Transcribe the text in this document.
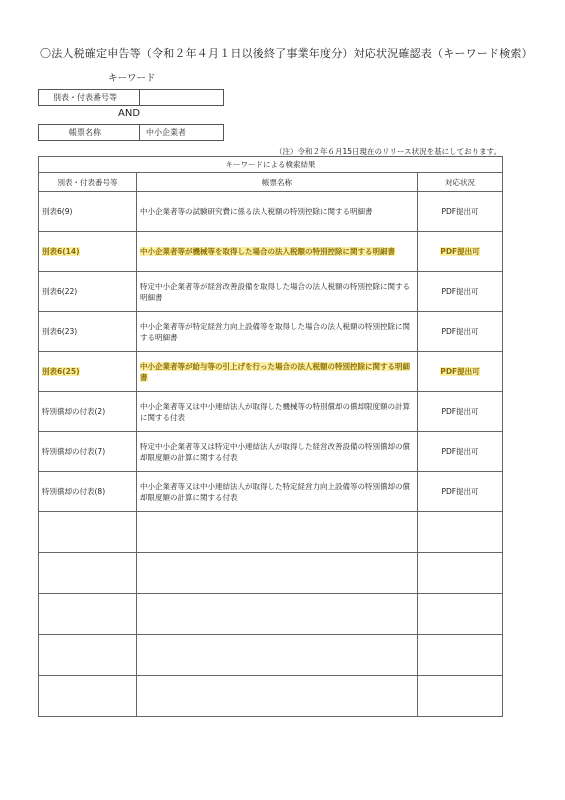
〇法人税確定申告等（令和２年４月１日以後終了事業年度分）対応状況確認表（キーワード検索）
キーワード
別表・付表番号等
AND
帳票名称	中小企業者
（注）令和２年６月15日現在のリリース状況を基にしております。
キーワードによる検索結果		
別表・付表番号等	帳票名称	対応状況
別表6(9)	中小企業者等の試験研究費に係る法人税額の特別控除に関する明細書	PDF提出可
別表6(14)	中小企業者等が機械等を取得した場合の法人税額の特別控除に関する明細書	PDF提出可
別表6(22)	特定中小企業者等が経営改善設備を取得した場合の法人税額の特別控除に関する明細書	PDF提出可
別表6(23)	中小企業者等が特定経営力向上設備等を取得した場合の法人税額の特別控除に関する明細書	PDF提出可
別表6(25)	中小企業者等が給与等の引上げを行った場合の法人税額の特別控除に関する明細書	PDF提出可
特別償却の付表(2)	中小企業者等又は中小連結法人が取得した機械等の特別償却の償却限度額の計算に関する付表	PDF提出可
特別償却の付表(7)	特定中小企業者等又は特定中小連結法人が取得した経営改善設備の特別償却の償却限度額の計算に関する付表	PDF提出可
特別償却の付表(8)	中小企業者等又は中小連結法人が取得した特定経営力向上設備等の特別償却の償却限度額の計算に関する付表	PDF提出可
